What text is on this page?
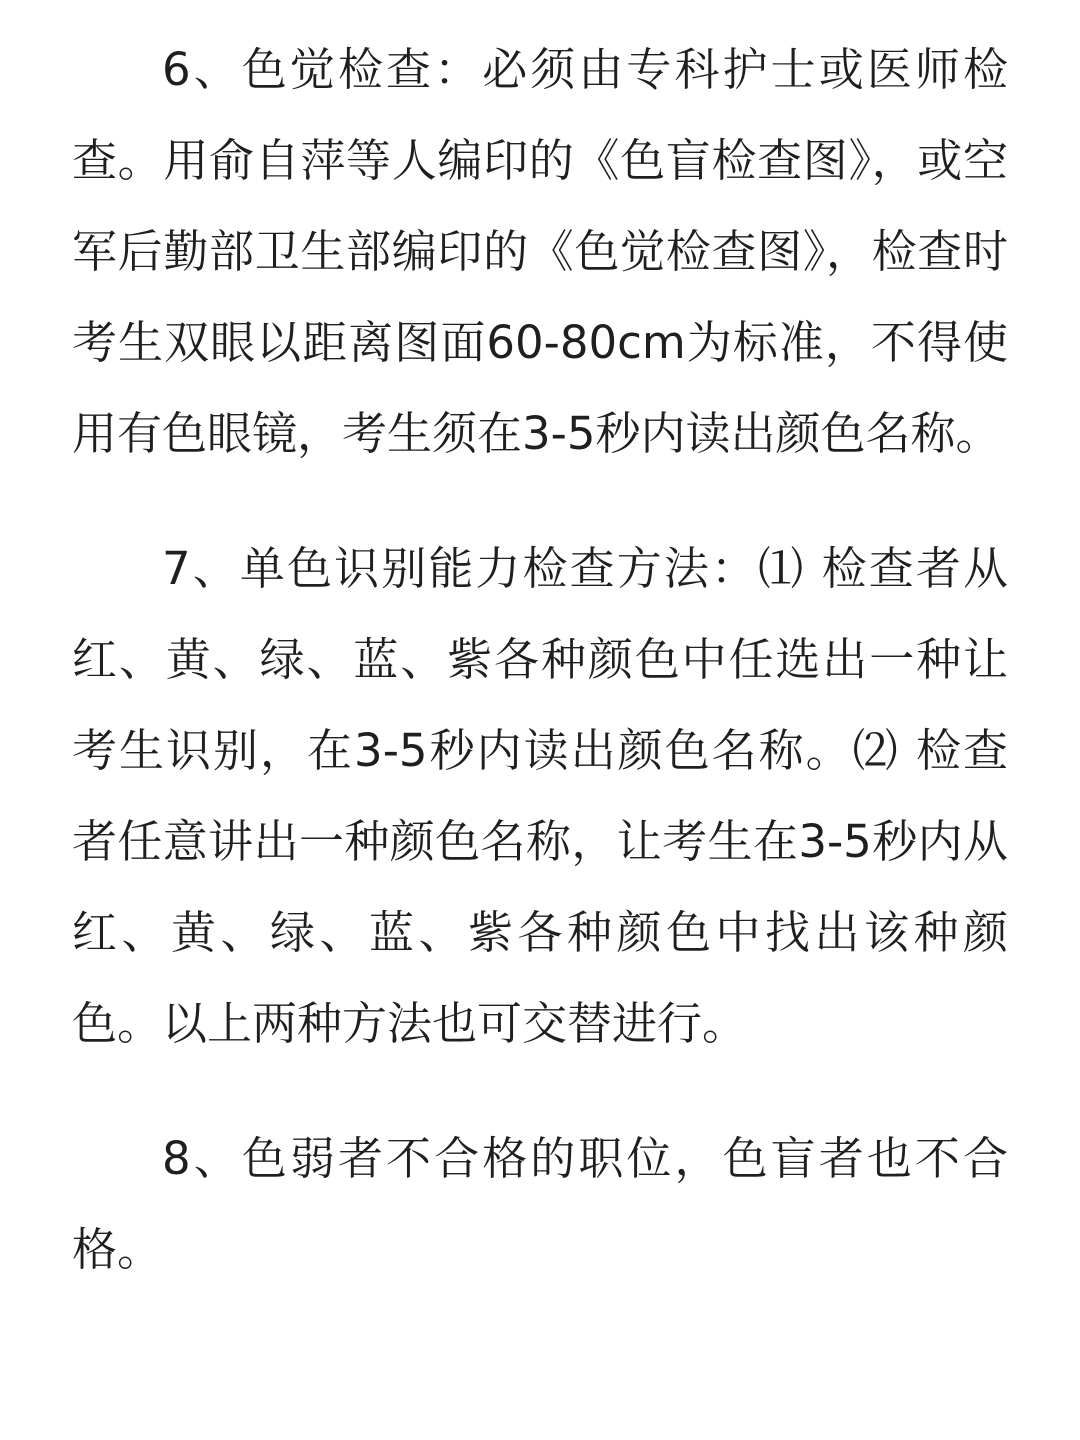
6、色觉检查：必须由专科护士或医师检查。用俞自萍等人编印的《色盲检查图》，或空军后勤部卫生部编印的《色觉检查图》，检查时考生双眼以距离图面60-80cm为标准，不得使用有色眼镜，考生须在3-5秒内读出颜色名称。

7、单色识别能力检查方法：⑴ 检查者从红、黄、绿、蓝、紫各种颜色中任选出一种让考生识别，在3-5秒内读出颜色名称。⑵ 检查者任意讲出一种颜色名称，让考生在3-5秒内从红、黄、绿、蓝、紫各种颜色中找出该种颜色。以上两种方法也可交替进行。

8、色弱者不合格的职位，色盲者也不合格。
